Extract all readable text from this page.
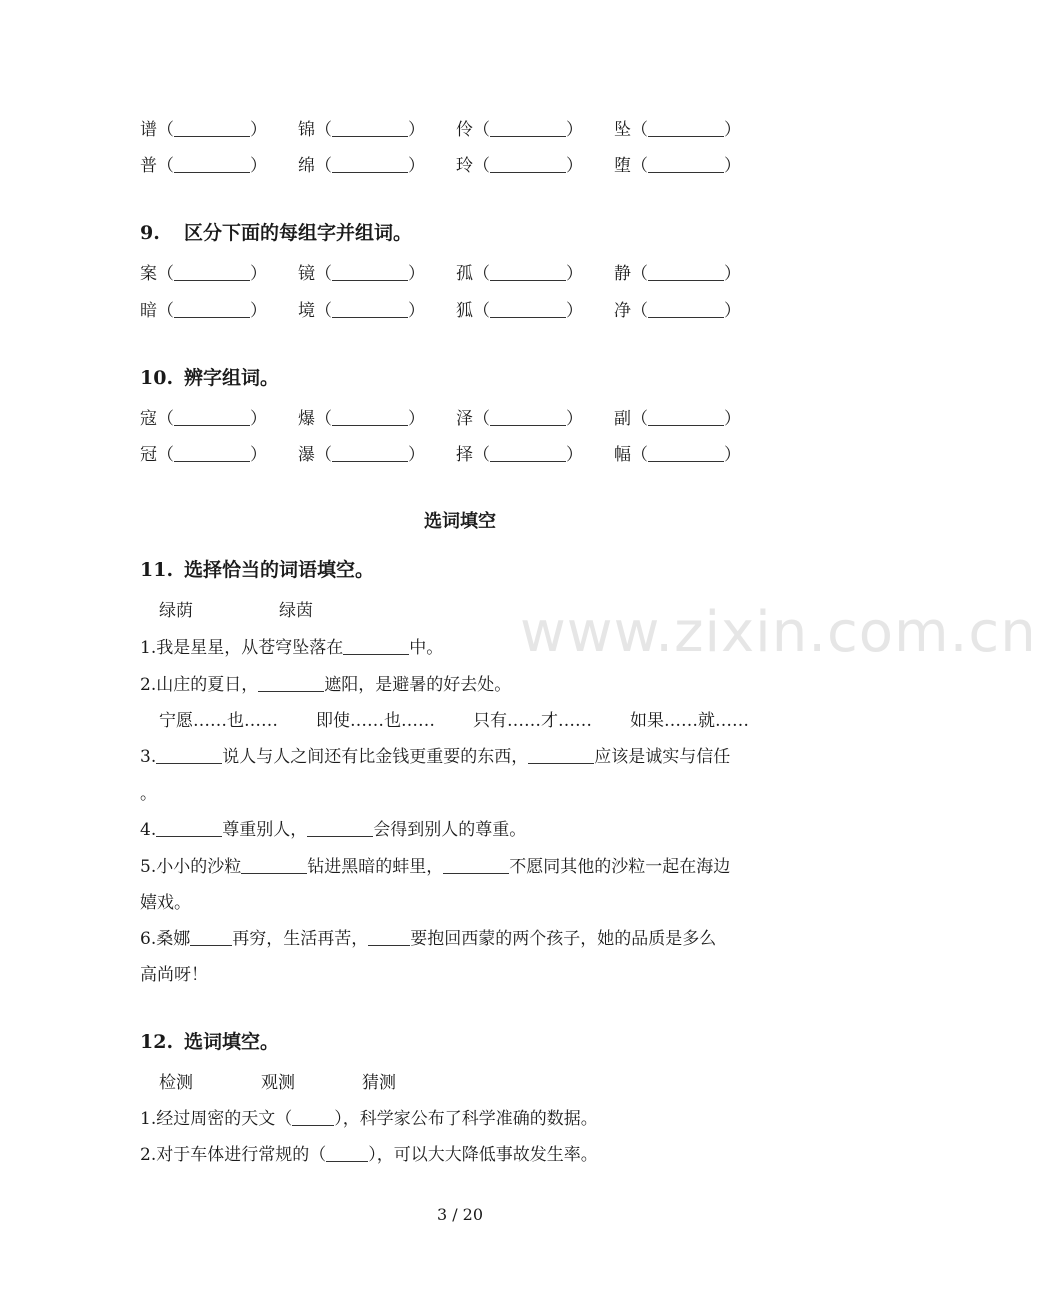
www.zixin.com.cn
谱（	）	锦（	）	伶（	）	坠（	）
普（	）	绵（	）	玲（	）	堕（	）
9. 区分下面的每组字并组词。
案（	）	镜（	）	孤（	）	静（	）
暗（	）	境（	）	狐（	）	净（	）
10. 辨字组词。
寇（	）	爆（	）	泽（	）	副（	）
冠（	）	瀑（	）	择（	）	幅（	）
选词填空
11. 选择恰当的词语填空。
绿荫	绿茵
1.我是星星，从苍穹坠落在	中。
2.山庄的夏日，	遮阳，是避暑的好去处。
宁愿……也…… 即使……也…… 只有……才…… 如果……就……
3.	说人与人之间还有比金钱更重要的东西，	应该是诚实与信任
。
4.	尊重别人，	会得到别人的尊重。
5.小小的沙粒	钻进黑暗的蚌里，	不愿同其他的沙粒一起在海边
嬉戏。
6.桑娜 再穷，生活再苦， 要抱回西蒙的两个孩子，她的品质是多么
高尚呀！
12. 选词填空。
检测	观测	猜测
1.经过周密的天文（ ），科学家公布了科学准确的数据。
2.对于车体进行常规的（ ），可以大大降低事故发生率。
3 / 20
